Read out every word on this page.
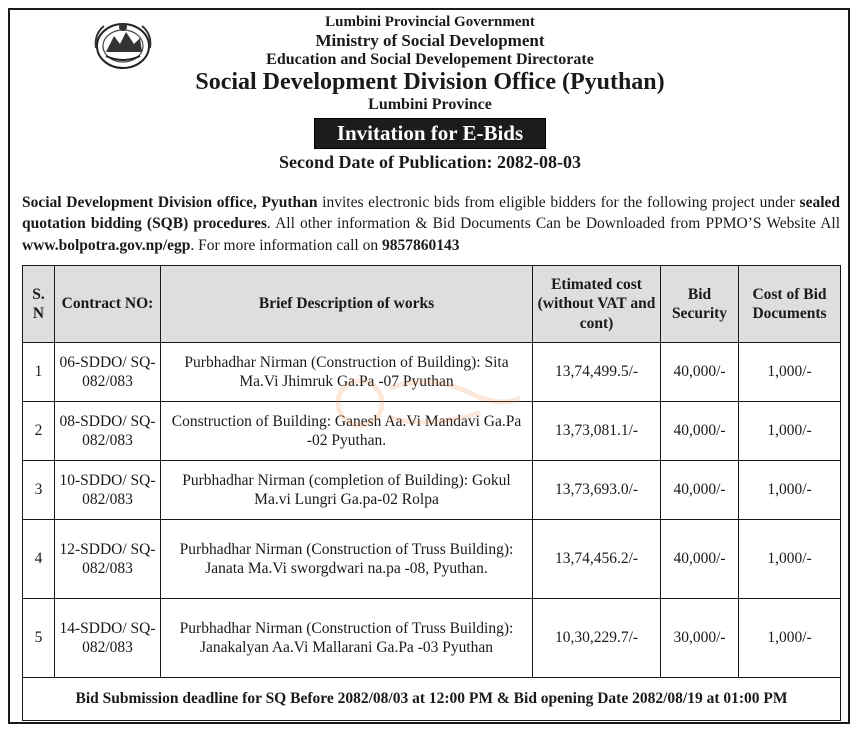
Lumbini Provincial Government
Ministry of Social Development
Education and Social Developement Directorate
Social Development Division Office (Pyuthan)
Lumbini Province
Invitation for E-Bids
Second Date of Publication: 2082-08-03
Social Development Division office, Pyuthan invites electronic bids from eligible bidders for the following project under sealed quotation bidding (SQB) procedures. All other information & Bid Documents Can be Downloaded from PPMO’S Website All www.bolpotra.gov.np/egp. For more information call on 9857860143
S. N	Contract NO:	Brief Description of works	Etimated cost (without VAT and cont)	Bid Security	Cost of Bid Documents
1	06-SDDO/ SQ-082/083	Purbhadhar Nirman (Construction of Building): Sita Ma.Vi Jhimruk Ga.Pa -07 Pyuthan	13,74,499.5/-	40,000/-	1,000/-
2	08-SDDO/ SQ-082/083	Construction of Building: Ganesh Aa.Vi Mandavi Ga.Pa -02 Pyuthan.	13,73,081.1/-	40,000/-	1,000/-
3	10-SDDO/ SQ-082/083	Purbhadhar Nirman (completion of Building): Gokul Ma.vi Lungri Ga.pa-02 Rolpa	13,73,693.0/-	40,000/-	1,000/-
4	12-SDDO/ SQ-082/083	Purbhadhar Nirman (Construction of Truss Building): Janata Ma.Vi sworgdwari na.pa -08, Pyuthan.	13,74,456.2/-	40,000/-	1,000/-
5	14-SDDO/ SQ-082/083	Purbhadhar Nirman (Construction of Truss Building): Janakalyan Aa.Vi Mallarani Ga.Pa -03 Pyuthan	10,30,229.7/-	30,000/-	1,000/-
Bid Submission deadline for SQ Before 2082/08/03 at 12:00 PM & Bid opening Date 2082/08/19 at 01:00 PM					
